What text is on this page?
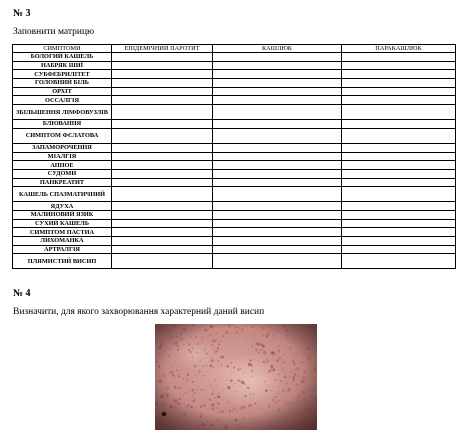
№ 3
Заповнити матрицю
СИМПТОМИ	ЕПІДЕМІЧНИЙ ПАРОТИТ	КАШЛЮК	ПАРАКАШЛЮК
БОЛОГИЙ КАШЕЛЬ			
НАБРЯК ШИЇ			
СУБФЕБРИЛІТЕТ			
ГОЛОВНИЙ БІЛЬ			
ОРХІТ			
ОССАЛГІЯ			
ЗБІЛЬШЕННЯ ЛІМФОВУЗЛІВ			
БЛЮВАННЯ			
СИМПТОМ ФЄЛАТОВА			
ЗАПАМОРОЧЕННЯ			
МІАЛГІЯ			
АПНОЕ			
СУДОМИ			
ПАНКРЕАТИТ			
КАШЕЛЬ СПАЗМАТИЧНИЙ			
ЯДУХА			
МАЛИНОВИЙ ЯЗИК			
СУХИЙ КАШЕЛЬ			
СИМПТОМ ПАСТИА			
ЛИХОМАНКА			
АРТРАЛГІЯ			
ПЛЯМИСТИЙ ВИСИП			
№ 4
Визначити, для якого захворювання характерний даний висип
